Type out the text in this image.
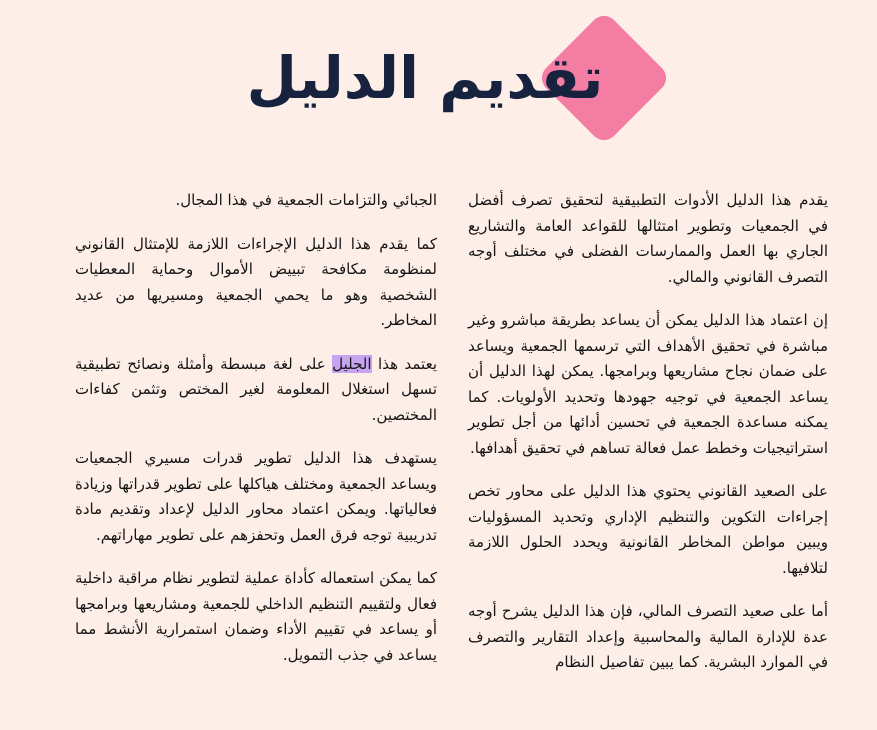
تقديم الدليل

يقدم هذا الدليل الأدوات التطبيقية لتحقيق تصرف أفضل في الجمعيات وتطوير امتثالها للقواعد العامة والتشاريع الجاري بها العمل والممارسات الفضلى في مختلف أوجه التصرف القانوني والمالي.

إن اعتماد هذا الدليل يمكن أن يساعد بطريقة مباشرو وغير مباشرة في تحقيق الأهداف التي ترسمها الجمعية ويساعد على ضمان نجاح مشاريعها وبرامجها. يمكن لهذا الدليل أن يساعد الجمعية في توجيه جهودها وتحديد الأولويات. كما يمكنه مساعدة الجمعية في تحسين أدائها من أجل تطوير استراتيجيات وخطط عمل فعالة تساهم في تحقيق أهدافها.

على الصعيد القانوني يحتوي هذا الدليل على محاور تخص إجراءات التكوين والتنظيم الإداري وتحديد المسؤوليات ويبين مواطن المخاطر القانونية ويحدد الحلول اللازمة لتلافيها.

أما على صعيد التصرف المالي، فإن هذا الدليل يشرح أوجه عدة للإدارة المالية والمحاسبية وإعداد التقارير والتصرف في الموارد البشرية. كما يبين تفاصيل النظام

الجبائي والتزامات الجمعية في هذا المجال.

كما يقدم هذا الدليل الإجراءات اللازمة للإمتثال القانوني لمنظومة مكافحة تبييض الأموال وحماية المعطيات الشخصية وهو ما يحمي الجمعية ومسيريها من عديد المخاطر.

يعتمد هذا الجليل على لغة مبسطة وأمثلة ونصائح تطبيقية تسهل استغلال المعلومة لغير المختص وتثمن كفاءات المختصين.

يستهدف هذا الدليل تطوير قدرات مسيري الجمعيات ويساعد الجمعية ومختلف هياكلها على تطوير قدراتها وزيادة فعالياتها. ويمكن اعتماد محاور الدليل لإعداد وتقديم مادة تدريبية توجه فرق العمل وتحفزهم على تطوير مهاراتهم.

كما يمكن استعماله كأداة عملية لتطوير نظام مراقبة داخلية فعال ولتقييم التنظيم الداخلي للجمعية ومشاريعها وبرامجها أو يساعد في تقييم الأداء وضمان استمرارية الأنشط مما يساعد في جذب التمويل.
